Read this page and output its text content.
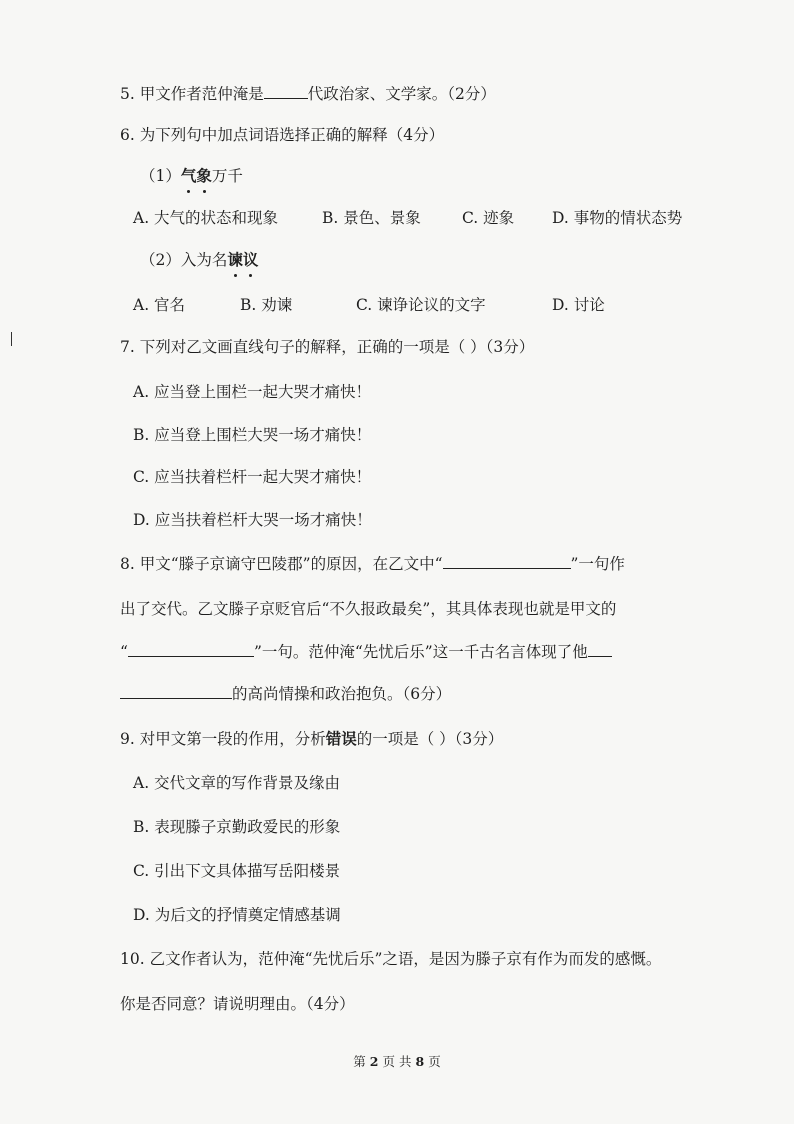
5. 甲文作者范仲淹是	代政治家、文学家。（2分）
6. 为下列句中加点词语选择正确的解释（4分）
（1）气象万千
A. 大气的状态和现象	B. 景色、景象	C. 迹象 D. 事物的情状态势
（2）入为名谏议
A. 官名	B. 劝谏	C. 谏诤论议的文字	D. 讨论
7. 下列对乙文画直线句子的解释，正确的一项是（ ）（3分）
A. 应当登上围栏一起大哭才痛快！
B. 应当登上围栏大哭一场才痛快！
C. 应当扶着栏杆一起大哭才痛快！
D. 应当扶着栏杆大哭一场才痛快！
8. 甲文“滕子京谪守巴陵郡”的原因，在乙文中“	”一句作
出了交代。乙文滕子京贬官后“不久报政最矣”，其具体表现也就是甲文的
“	”一句。范仲淹“先忧后乐”这一千古名言体现了他
的高尚情操和政治抱负。（6分）
9. 对甲文第一段的作用，分析错误的一项是（ ）（3分）
A. 交代文章的写作背景及缘由
B. 表现滕子京勤政爱民的形象
C. 引出下文具体描写岳阳楼景
D. 为后文的抒情奠定情感基调
10. 乙文作者认为，范仲淹“先忧后乐”之语，是因为滕子京有作为而发的感慨。
你是否同意？请说明理由。（4分）
第 2 页 共 8 页
